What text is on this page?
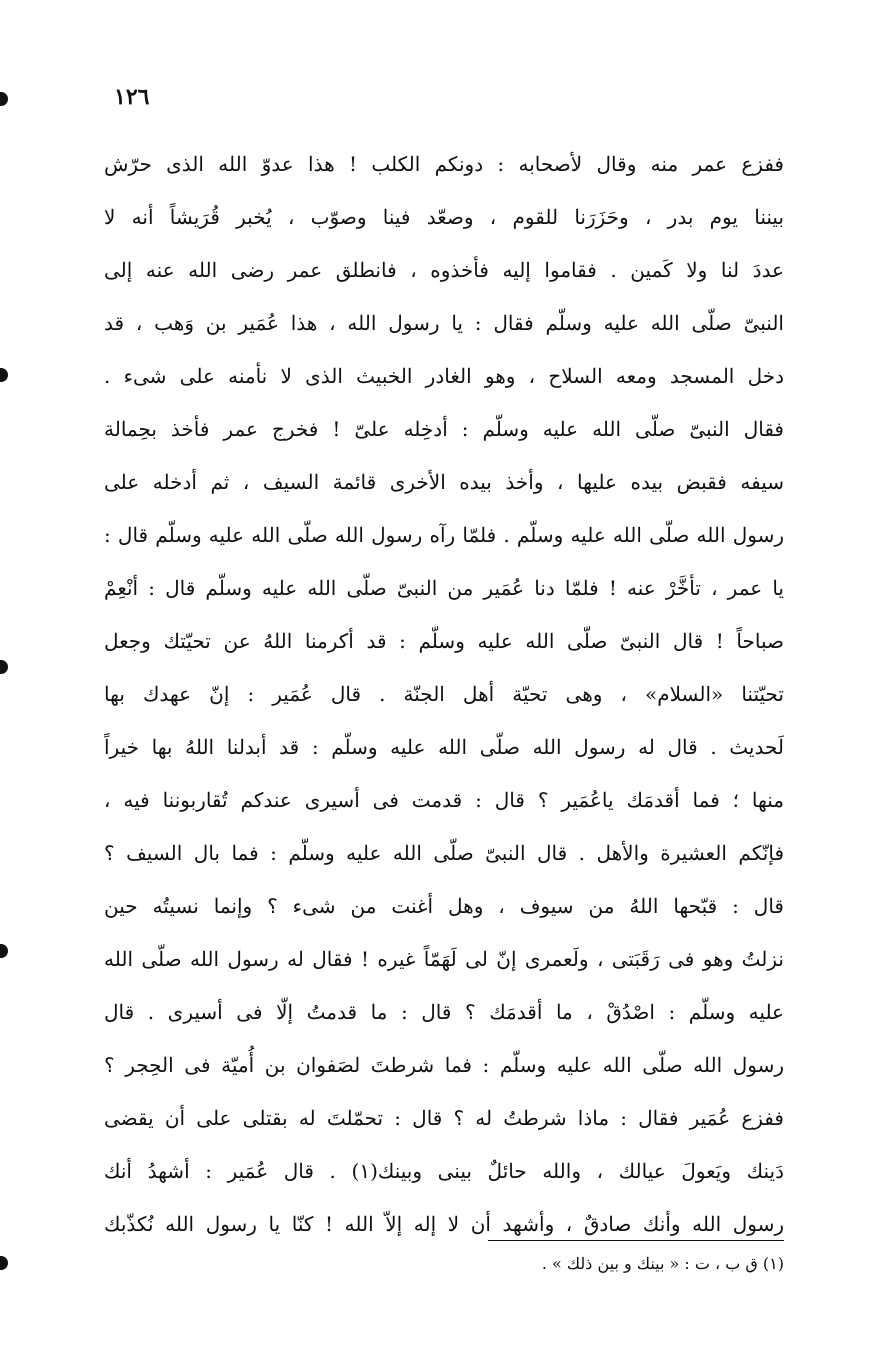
١٢٦
ففزع عمر منه وقال لأصحابه : دونكم الكلب ! هذا عدوّ الله الذى حرّش
بيننا يوم بدر ، وحَزَرَنا للقوم ، وصعّد فينا وصوّب ، يُخبر قُرَيشاً أنه لا
عددَ لنا ولا كَمين . فقاموا إليه فأخذوه ، فانطلق عمر رضى الله عنه إلى
النبىّ صلّى الله عليه وسلّم فقال : يا رسول الله ، هذا عُمَير بن وَهب ، قد
دخل المسجد ومعه السلاح ، وهو الغادر الخبيث الذى لا نأمنه على شىء .
فقال النبىّ صلّى الله عليه وسلّم : أدخِله علىّ ! فخرج عمر فأخذ بحِمالة
سيفه فقبض بيده عليها ، وأخذ بيده الأخرى قائمة السيف ، ثم أدخله على
رسول الله صلّى الله عليه وسلّم . فلمّا رآه رسول الله صلّى الله عليه وسلّم قال :
يا عمر ، تأخَّرْ عنه ! فلمّا دنا عُمَير من النبىّ صلّى الله عليه وسلّم قال : أنْعِمْ
صباحاً ! قال النبىّ صلّى الله عليه وسلّم : قد أكرمنا اللهُ عن تحيّتك وجعل
تحيّتنا «السلام» ، وهى تحيّة أهل الجنّة . قال عُمَير : إنّ عهدك بها
لَحديث . قال له رسول الله صلّى الله عليه وسلّم : قد أبدلنا اللهُ بها خيراً
منها ؛ فما أقدمَك ياعُمَير ؟ قال : قدمت فى أسيرى عندكم تُقاربوننا فيه ،
فإنّكم العشيرة والأهل . قال النبىّ صلّى الله عليه وسلّم : فما بال السيف ؟
قال : قبّحها اللهُ من سيوف ، وهل أغنت من شىء ؟ وإنما نسيتُه حين
نزلتُ وهو فى رَقَبَتى ، ولَعمرى إنّ لى لَهَمّاً غيره ! فقال له رسول الله صلّى الله
عليه وسلّم : اصْدُقْ ، ما أقدمَك ؟ قال : ما قدمتُ إلّا فى أسيرى . قال
رسول الله صلّى الله عليه وسلّم : فما شرطتَ لصَفوان بن أُميّة فى الحِجر ؟
ففزع عُمَير فقال : ماذا شرطتُ له ؟ قال : تحمّلتَ له بقتلى على أن يقضى
دَينك ويَعولَ عيالك ، والله حائلٌ بينى وبينك(١) . قال عُمَير : أشهدُ أنك
رسول الله وأنك صادقٌ ، وأشهد أن لا إله إلاّ الله ! كنّا يا رسول الله نُكذّبك
(١) ق ب ، ت : « بينك و بين ذلك » .
